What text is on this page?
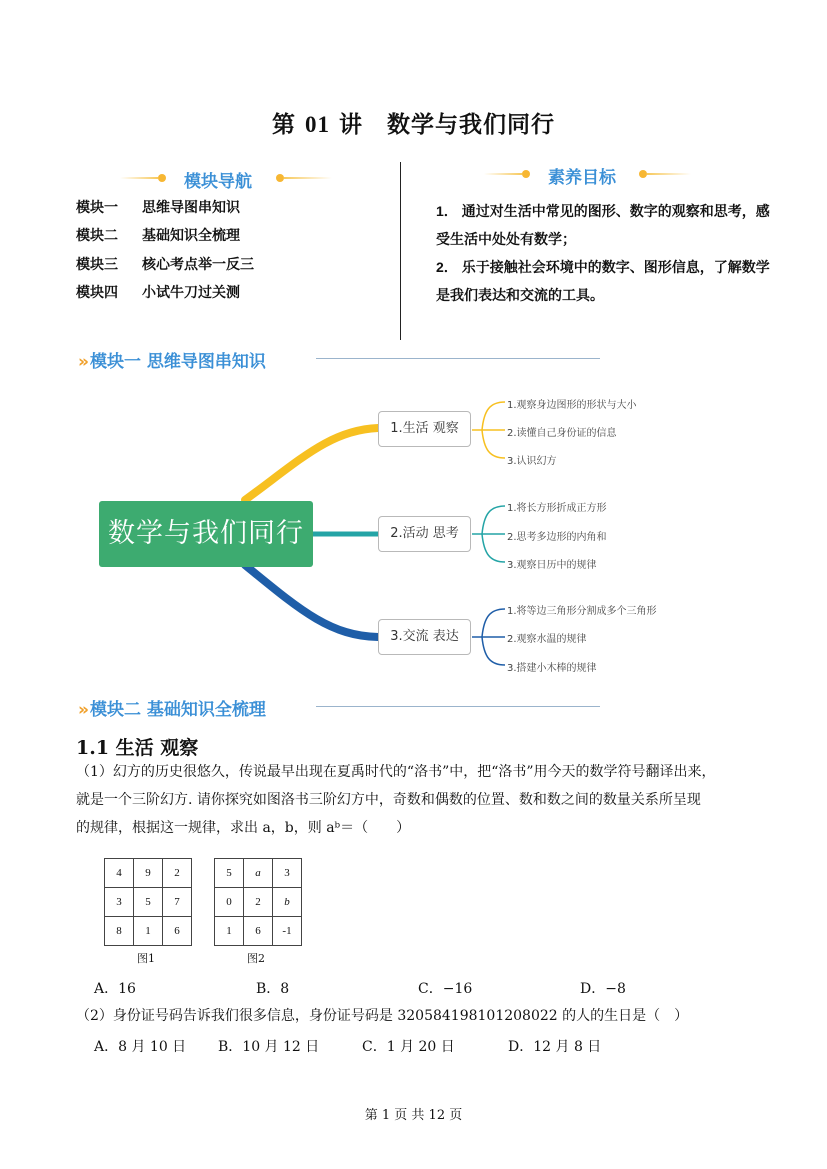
第 01 讲　数学与我们同行
模块导航
模块一 思维导图串知识
模块二 基础知识全梳理
模块三 核心考点举一反三
模块四 小试牛刀过关测
素养目标
1． 通过对生活中常见的图形、数字的观察和思考，感受生活中处处有数学；
2． 乐于接触社会环境中的数字、图形信息，了解数学是我们表达和交流的工具。
» 模块一 思维导图串知识
数学与我们同行
1.生活 观察
2.活动 思考
3.交流 表达
1.观察身边图形的形状与大小
2.读懂自己身份证的信息
3.认识幻方
1.将长方形折成正方形
2.思考多边形的内角和
3.观察日历中的规律
1.将等边三角形分割成多个三角形
2.观察水温的规律
3.搭建小木棒的规律
» 模块二 基础知识全梳理
1.1 生活 观察
（1）幻方的历史很悠久，传说最早出现在夏禹时代的“洛书”中，把“洛书”用今天的数学符号翻译出来，
就是一个三阶幻方. 请你探究如图洛书三阶幻方中，奇数和偶数的位置、数和数之间的数量关系所呈现
的规律，根据这一规律，求出 a，b，则 aᵇ＝（　　）
4	9	2
3	5	7
8	1	6
图1
5	a	3
0	2	b
1	6	-1
图2
A．16	B．8	C．−16	D．−8
（2）身份证号码告诉我们很多信息，身份证号码是 320584198101208022 的人的生日是（　）
A．8 月 10 日 B．10 月 12 日	C．1 月 20 日	D．12 月 8 日
第 1 页 共 12 页
